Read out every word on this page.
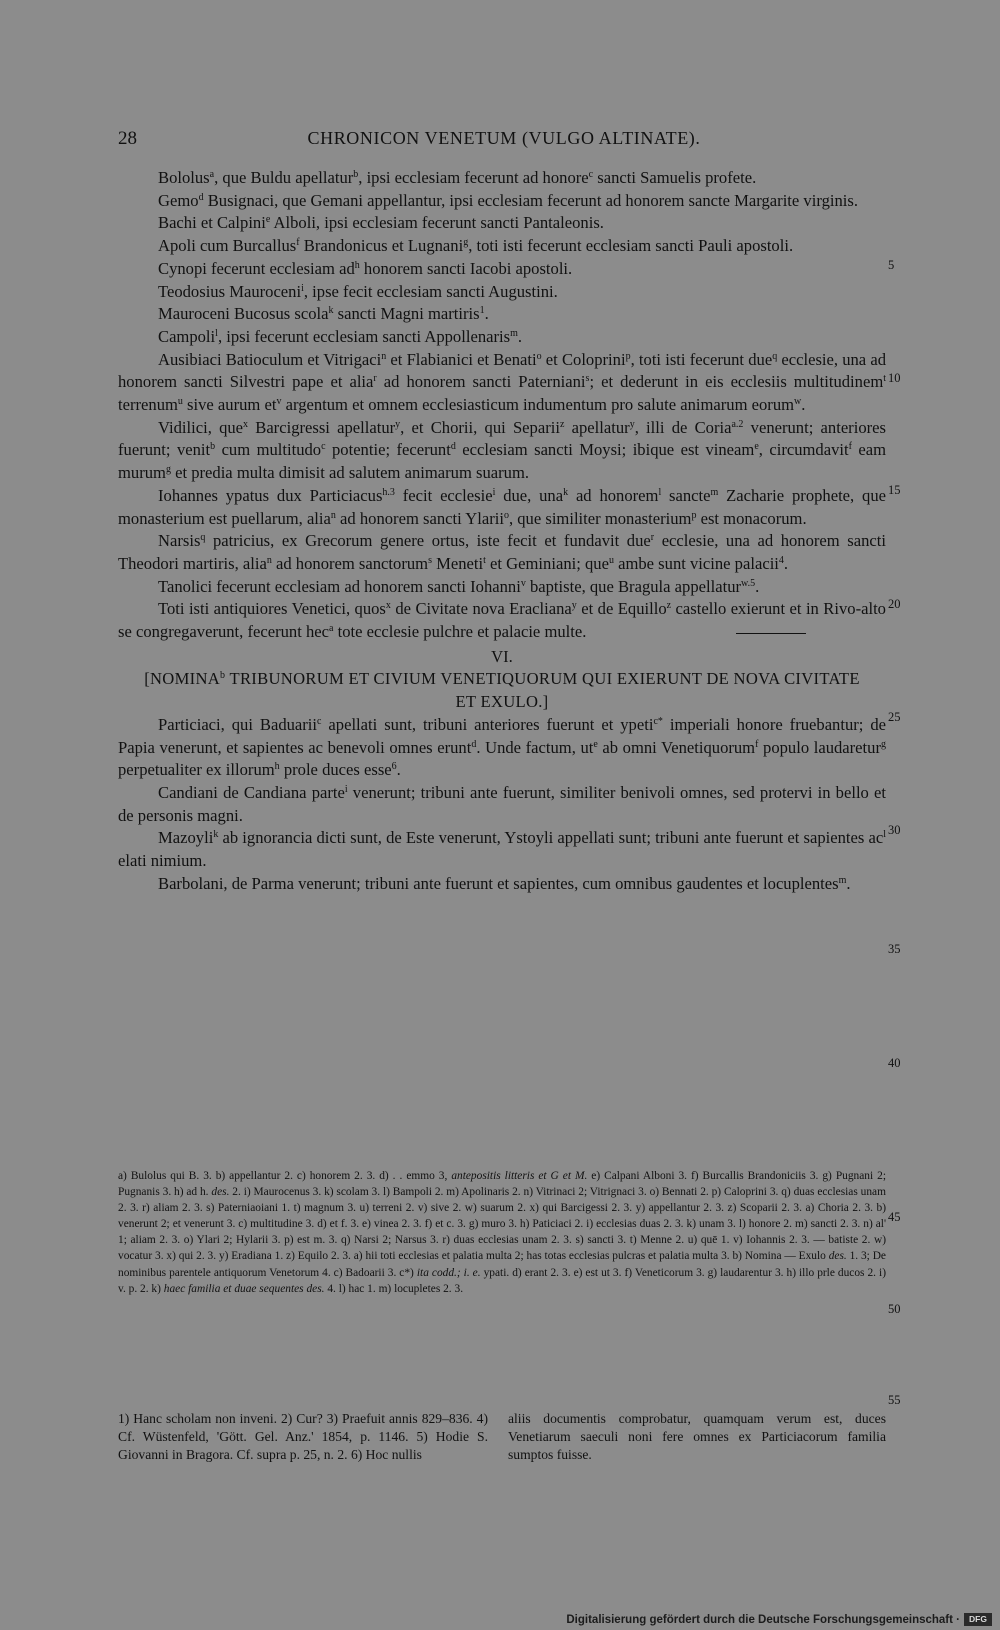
28	CHRONICON VENETUM (VULGO ALTINATE).

Bololus$^a$, que Buldu apellatur$^b$, ipsi ecclesiam fecerunt ad honore$^c$ sancti Samuelis profete.

Gemo$^d$ Busignaci, que Gemani appellantur, ipsi ecclesiam fecerunt ad honorem sancte Margarite virginis.

Bachi et Calpini$^e$ Alboli, ipsi ecclesiam fecerunt sancti Pantaleonis.

Apoli cum Burcallus$^f$ Brandonicus et Lugnani$^g$, toti isti fecerunt ecclesiam sancti Pauli apostoli.

Cynopi fecerunt ecclesiam $ad^h$ honorem sancti Iacobi apostoli.

Teodosius Mauroceni$^i$, ipse fecit ecclesiam sancti Augustini.

Mauroceni Bucosus scola$^k$ sancti Magni martiris$^1$.

Campoli$^l$, ipsi fecerunt ecclesiam sancti Appollenaris$^m$.

Ausibiaci Batioculum et Vitrigaci$^n$ et Flabianici et Benati$^o$ et Coloprini$^p$, toti isti fecerunt due$^q$ ecclesie, una ad honorem sancti Silvestri pape et alia$^r$ ad honorem sancti Paterniani$^s$; et dederunt in eis ecclesiis multitudinem$^t$ terrenum$^u$ sive aurum $et^v$ argentum et omnem ecclesiasticum indumentum pro salute animarum eorum$^w$.

Vidilici, que$^x$ Barcigressi apellatur$^y$, et Chorii, qui Separii$^z$ apellatur$^y$, illi de Coria$^{a.2}$ venerunt; anteriores fuerunt; venit$^b$ cum multitudo$^c$ potentie; fecerunt$^d$ ecclesiam sancti Moysi; ibique est vineam$^e$, circumdavit$^f$ eam murum$^g$ et predia multa dimisit ad salutem animarum suarum.

Iohannes ypatus dux Particiacus$^{h.3}$ fecit ecclesie$^i$ due, una$^k$ ad honorem$^l$ sancte$^m$ Zacharie prophete, que monasterium est puellarum, alia$^n$ ad honorem sancti Ylarii$^o$, que similiter monasterium$^p$ est monacorum.

Narsis$^q$ patricius, ex Grecorum genere ortus, iste fecit et fundavit due$^r$ ecclesie, una ad honorem sancti Theodori martiris, alia$^n$ ad honorem sanctorum$^s$ Meneti$^t$ et Geminiani; que$^u$ ambe sunt vicine palacii$^4$.

Tanolici fecerunt ecclesiam ad honorem sancti Iohanni$^v$ baptiste, que Bragula appellatur$^{w.5}$.

Toti isti antiquiores Venetici, quos$^x$ de Civitate nova Eracliana$^y$ et de Equillo$^z$ castello exierunt et in Rivo-alto se congregaverunt, fecerunt hec$^a$ tote ecclesie pulchre et palacie multe.

VI.
[NOMINA$^b$ TRIBUNORUM ET CIVIUM VENETIQUORUM QUI EXIERUNT DE NOVA CIVITATE ET EXULO.]

Particiaci, qui Baduarii$^c$ apellati sunt, tribuni anteriores fuerunt et ypeti$^{c*}$ imperiali honore fruebantur; de Papia venerunt, et sapientes ac benevoli omnes erunt$^d$. Unde factum, $ut^e$ ab omni Venetiquorum$^f$ populo laudaretur$^g$ perpetualiter ex illorum$^h$ prole duces esse$^6$.

Candiani de Candiana parte$^i$ venerunt; tribuni ante fuerunt, similiter benivoli omnes, sed protervi in bello et de personis magni.

Mazoyli$^k$ ab ignorancia dicti sunt, de Este venerunt, Ystoyli appellati sunt; tribuni ante fuerunt et sapientes $ac^l$ elati nimium.

Barbolani, de Parma venerunt; tribuni ante fuerunt et sapientes, cum omnibus gaudentes et locuplentes$^m$.

5
10
15
20
25
30
35
40
45
50
55

a) Bulolus qui B. 3. b) appellantur 2. c) honorem 2. 3. d) . . emmo 3, antepositis litteris et G et M. e) Calpani Alboni 3. f) Burcallis Brandoniciis 3. g) Pugnani 2; Pugnanis 3. h) ad h. des. 2. i) Maurocenus 3. k) scolam 3. l) Bampoli 2. m) Apolinaris 2. n) Vitrinaci 2; Vitrignaci 3. o) Bennati 2. p) Caloprini 3. q) duas ecclesias unam 2. 3. r) aliam 2. 3. s) Paterniaoiani 1. t) magnum 3. u) terreni 2. v) sive 2. w) suarum 2. x) qui Barcigessi 2. 3. y) appellantur 2. 3. z) Scoparii 2. 3. a) Choria 2. 3. b) venerunt 2; et venerunt 3. c) multitudine 3. d) et f. 3. e) vinea 2. 3. f) et c. 3. g) muro 3. h) Paticiaci 2. i) ecclesias duas 2. 3. k) unam 3. l) honore 2. m) sancti 2. 3. n) al' 1; aliam 2. 3. o) Ylari 2; Hylarii 3. p) est m. 3. q) Narsi 2; Narsus 3. r) duas ecclesias unam 2. 3. s) sancti 3. t) Menne 2. u) quē 1. v) Iohannis 2. 3. — batiste 2. w) vocatur 3. x) qui 2. 3. y) Eradiana 1. z) Equilo 2. 3. a) hii toti ecclesias et palatia multa 2; has totas ecclesias pulcras et palatia multa 3. b) Nomina — Exulo des. 1. 3; De nominibus parentele antiquorum Venetorum 4. c) Badoarii 3. c*) ita codd.; i. e. ypati. d) erant 2. 3. e) est ut 3. f) Veneticorum 3. g) laudarentur 3. h) illo prle ducos 2. i) v. p. 2. k) haec familia et duae sequentes des. 4. l) hac 1. m) locupletes 2. 3.

1) Hanc scholam non inveni. 2) Cur? 3) Praefuit annis 829–836. 4) Cf. Wüstenfeld, 'Gött. Gel. Anz.' 1854, p. 1146. 5) Hodie S. Giovanni in Bragora. Cf. supra p. 25, n. 2. 6) Hoc nullis
aliis documentis comprobatur, quamquam verum est, duces Venetiarum saeculi noni fere omnes ex Particiacorum familia sumptos fuisse.
Digitalisierung gefördert durch die Deutsche Forschungsgemeinschaft ·	DFG
